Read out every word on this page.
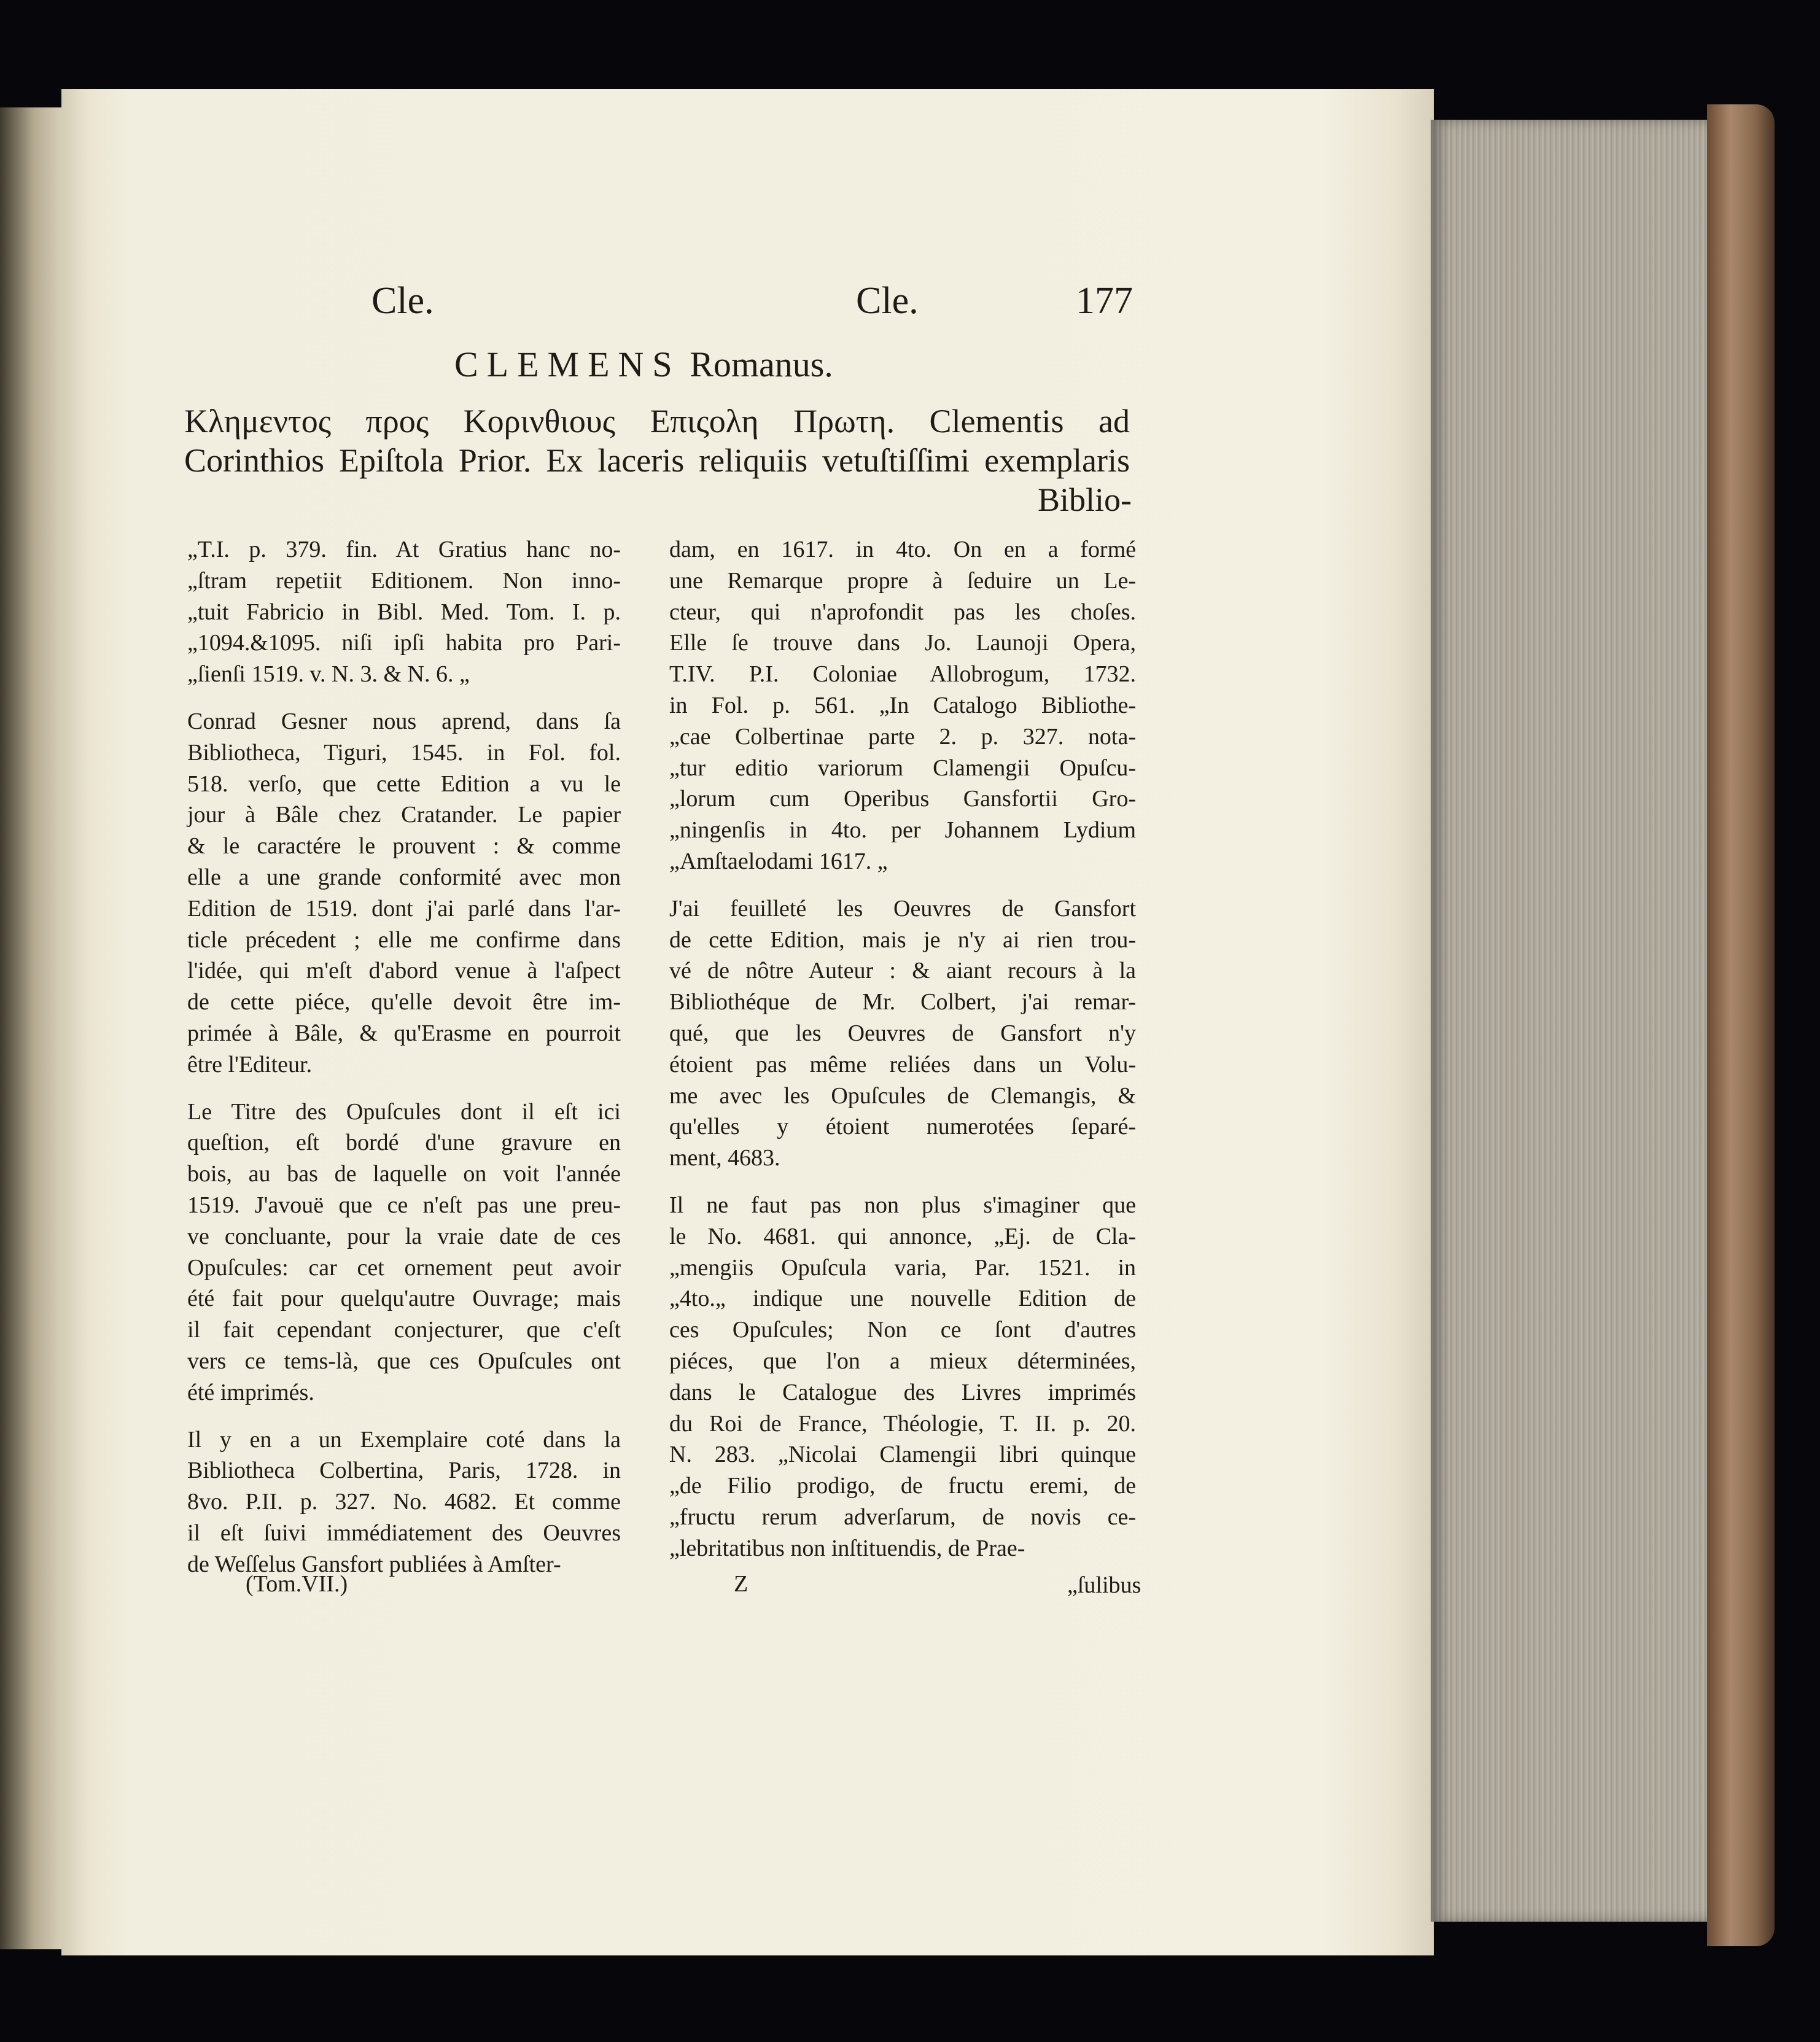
Cle.	Cle.	177
CLEMENS Romanus.
Κλημεντος προς Κορινθιους Επιςολη Πρωτη. Clementis ad
Corinthios Epiſtola Prior. Ex laceris reliquiis vetuſtiſſimi exemplaris
Biblio-
„T.I. p. 379. fin. At Gratius hanc no-
„ſtram repetiit Editionem. Non inno-
„tuit Fabricio in Bibl. Med. Tom. I. p.
„1094.&1095. niſi ipſi habita pro Pari-
„ſienſi 1519. v. N. 3. & N. 6. „
Conrad Gesner nous aprend, dans ſa
Bibliotheca, Tiguri, 1545. in Fol. fol.
518. verſo, que cette Edition a vu le
jour à Bâle chez Cratander. Le papier
& le caractére le prouvent : & comme
elle a une grande conformité avec mon
Edition de 1519. dont j'ai parlé dans l'ar-
ticle précedent ; elle me confirme dans
l'idée, qui m'eſt d'abord venue à l'aſpect
de cette piéce, qu'elle devoit être im-
primée à Bâle, & qu'Erasme en pourroit
être l'Editeur.
Le Titre des Opuſcules dont il eſt ici
queſtion, eſt bordé d'une gravure en
bois, au bas de laquelle on voit l'année
1519. J'avouë que ce n'eſt pas une preu-
ve concluante, pour la vraie date de ces
Opuſcules: car cet ornement peut avoir
été fait pour quelqu'autre Ouvrage; mais
il fait cependant conjecturer, que c'eſt
vers ce tems-là, que ces Opuſcules ont
été imprimés.
Il y en a un Exemplaire coté dans la
Bibliotheca Colbertina, Paris, 1728. in
8vo. P.II. p. 327. No. 4682. Et comme
il eſt ſuivi immédiatement des Oeuvres
de Weſſelus Gansfort publiées à Amſter-
dam, en 1617. in 4to. On en a formé
une Remarque propre à ſeduire un Le-
cteur, qui n'aprofondit pas les choſes.
Elle ſe trouve dans Jo. Launoji Opera,
T.IV. P.I. Coloniae Allobrogum, 1732.
in Fol. p. 561. „In Catalogo Bibliothe-
„cae Colbertinae parte 2. p. 327. nota-
„tur editio variorum Clamengii Opuſcu-
„lorum cum Operibus Gansfortii Gro-
„ningenſis in 4to. per Johannem Lydium
„Amſtaelodami 1617. „
J'ai feuilleté les Oeuvres de Gansfort
de cette Edition, mais je n'y ai rien trou-
vé de nôtre Auteur : & aiant recours à la
Bibliothéque de Mr. Colbert, j'ai remar-
qué, que les Oeuvres de Gansfort n'y
étoient pas même reliées dans un Volu-
me avec les Opuſcules de Clemangis, &
qu'elles y étoient numerotées ſeparé-
ment, 4683.
Il ne faut pas non plus s'imaginer que
le No. 4681. qui annonce, „Ej. de Cla-
„mengiis Opuſcula varia, Par. 1521. in
„4to.„ indique une nouvelle Edition de
ces Opuſcules; Non ce ſont d'autres
piéces, que l'on a mieux déterminées,
dans le Catalogue des Livres imprimés
du Roi de France, Théologie, T. II. p. 20.
N. 283. „Nicolai Clamengii libri quinque
„de Filio prodigo, de fructu eremi, de
„fructu rerum adverſarum, de novis ce-
„lebritatibus non inſtituendis, de Prae-
(Tom.VII.)	Z	„ſulibus
